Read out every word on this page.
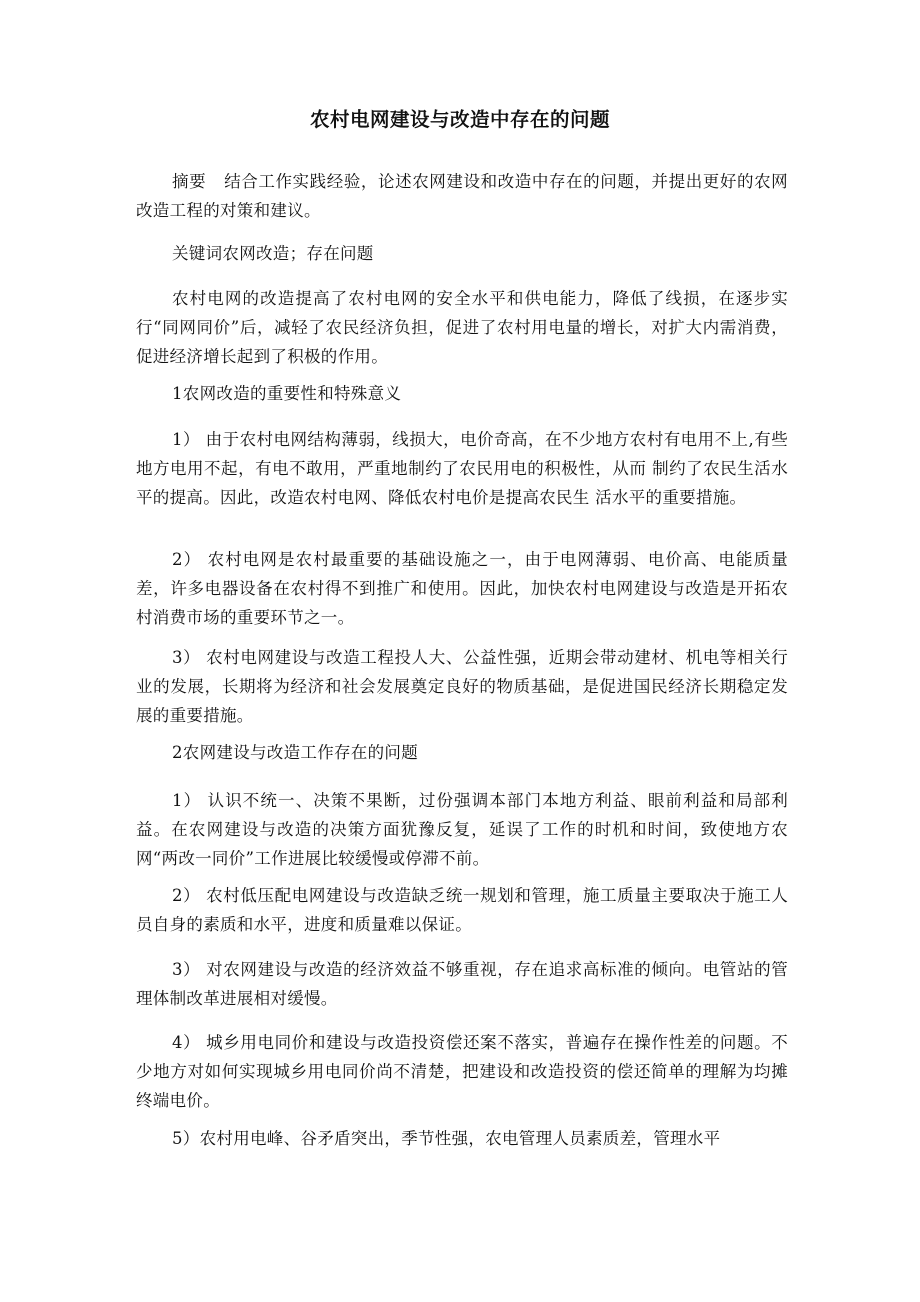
农村电网建设与改造中存在的问题

摘要 结合工作实践经验，论述农网建设和改造中存在的问题，并提出更好的农网改造工程的对策和建议。

关键词农网改造；存在问题

农村电网的改造提高了农村电网的安全水平和供电能力，降低了线损，在逐步实行“同网同价”后，减轻了农民经济负担，促进了农村用电量的增长，对扩大内需消费，促进经济增长起到了积极的作用。

1农网改造的重要性和特殊意义

1） 由于农村电网结构薄弱，线损大，电价奇高，在不少地方农村有电用不上,有些地方电用不起，有电不敢用，严重地制约了农民用电的积极性，从而 制约了农民生活水平的提高。因此，改造农村电网、降低农村电价是提高农民生 活水平的重要措施。

2） 农村电网是农村最重要的基础设施之一，由于电网薄弱、电价高、电能质量差，许多电器设备在农村得不到推广和使用。因此，加快农村电网建设与改造是开拓农村消费市场的重要环节之一。

3） 农村电网建设与改造工程投人大、公益性强，近期会带动建材、机电等相关行业的发展，长期将为经济和社会发展奠定良好的物质基础，是促进国民经济长期稳定发展的重要措施。

2农网建设与改造工作存在的问题

1） 认识不统一、决策不果断，过份强调本部门本地方利益、眼前利益和局部利益。在农网建设与改造的决策方面犹豫反复，延误了工作的时机和时间，致使地方农网“两改一同价”工作进展比较缓慢或停滞不前。

2） 农村低压配电网建设与改造缺乏统一规划和管理，施工质量主要取决于施工人员自身的素质和水平，进度和质量难以保证。

3） 对农网建设与改造的经济效益不够重视，存在追求高标准的倾向。电管站的管理体制改革进展相对缓慢。

4） 城乡用电同价和建设与改造投资偿还案不落实，普遍存在操作性差的问题。不少地方对如何实现城乡用电同价尚不清楚，把建设和改造投资的偿还简单的理解为均摊终端电价。

5）农村用电峰、谷矛盾突出，季节性强，农电管理人员素质差，管理水平
